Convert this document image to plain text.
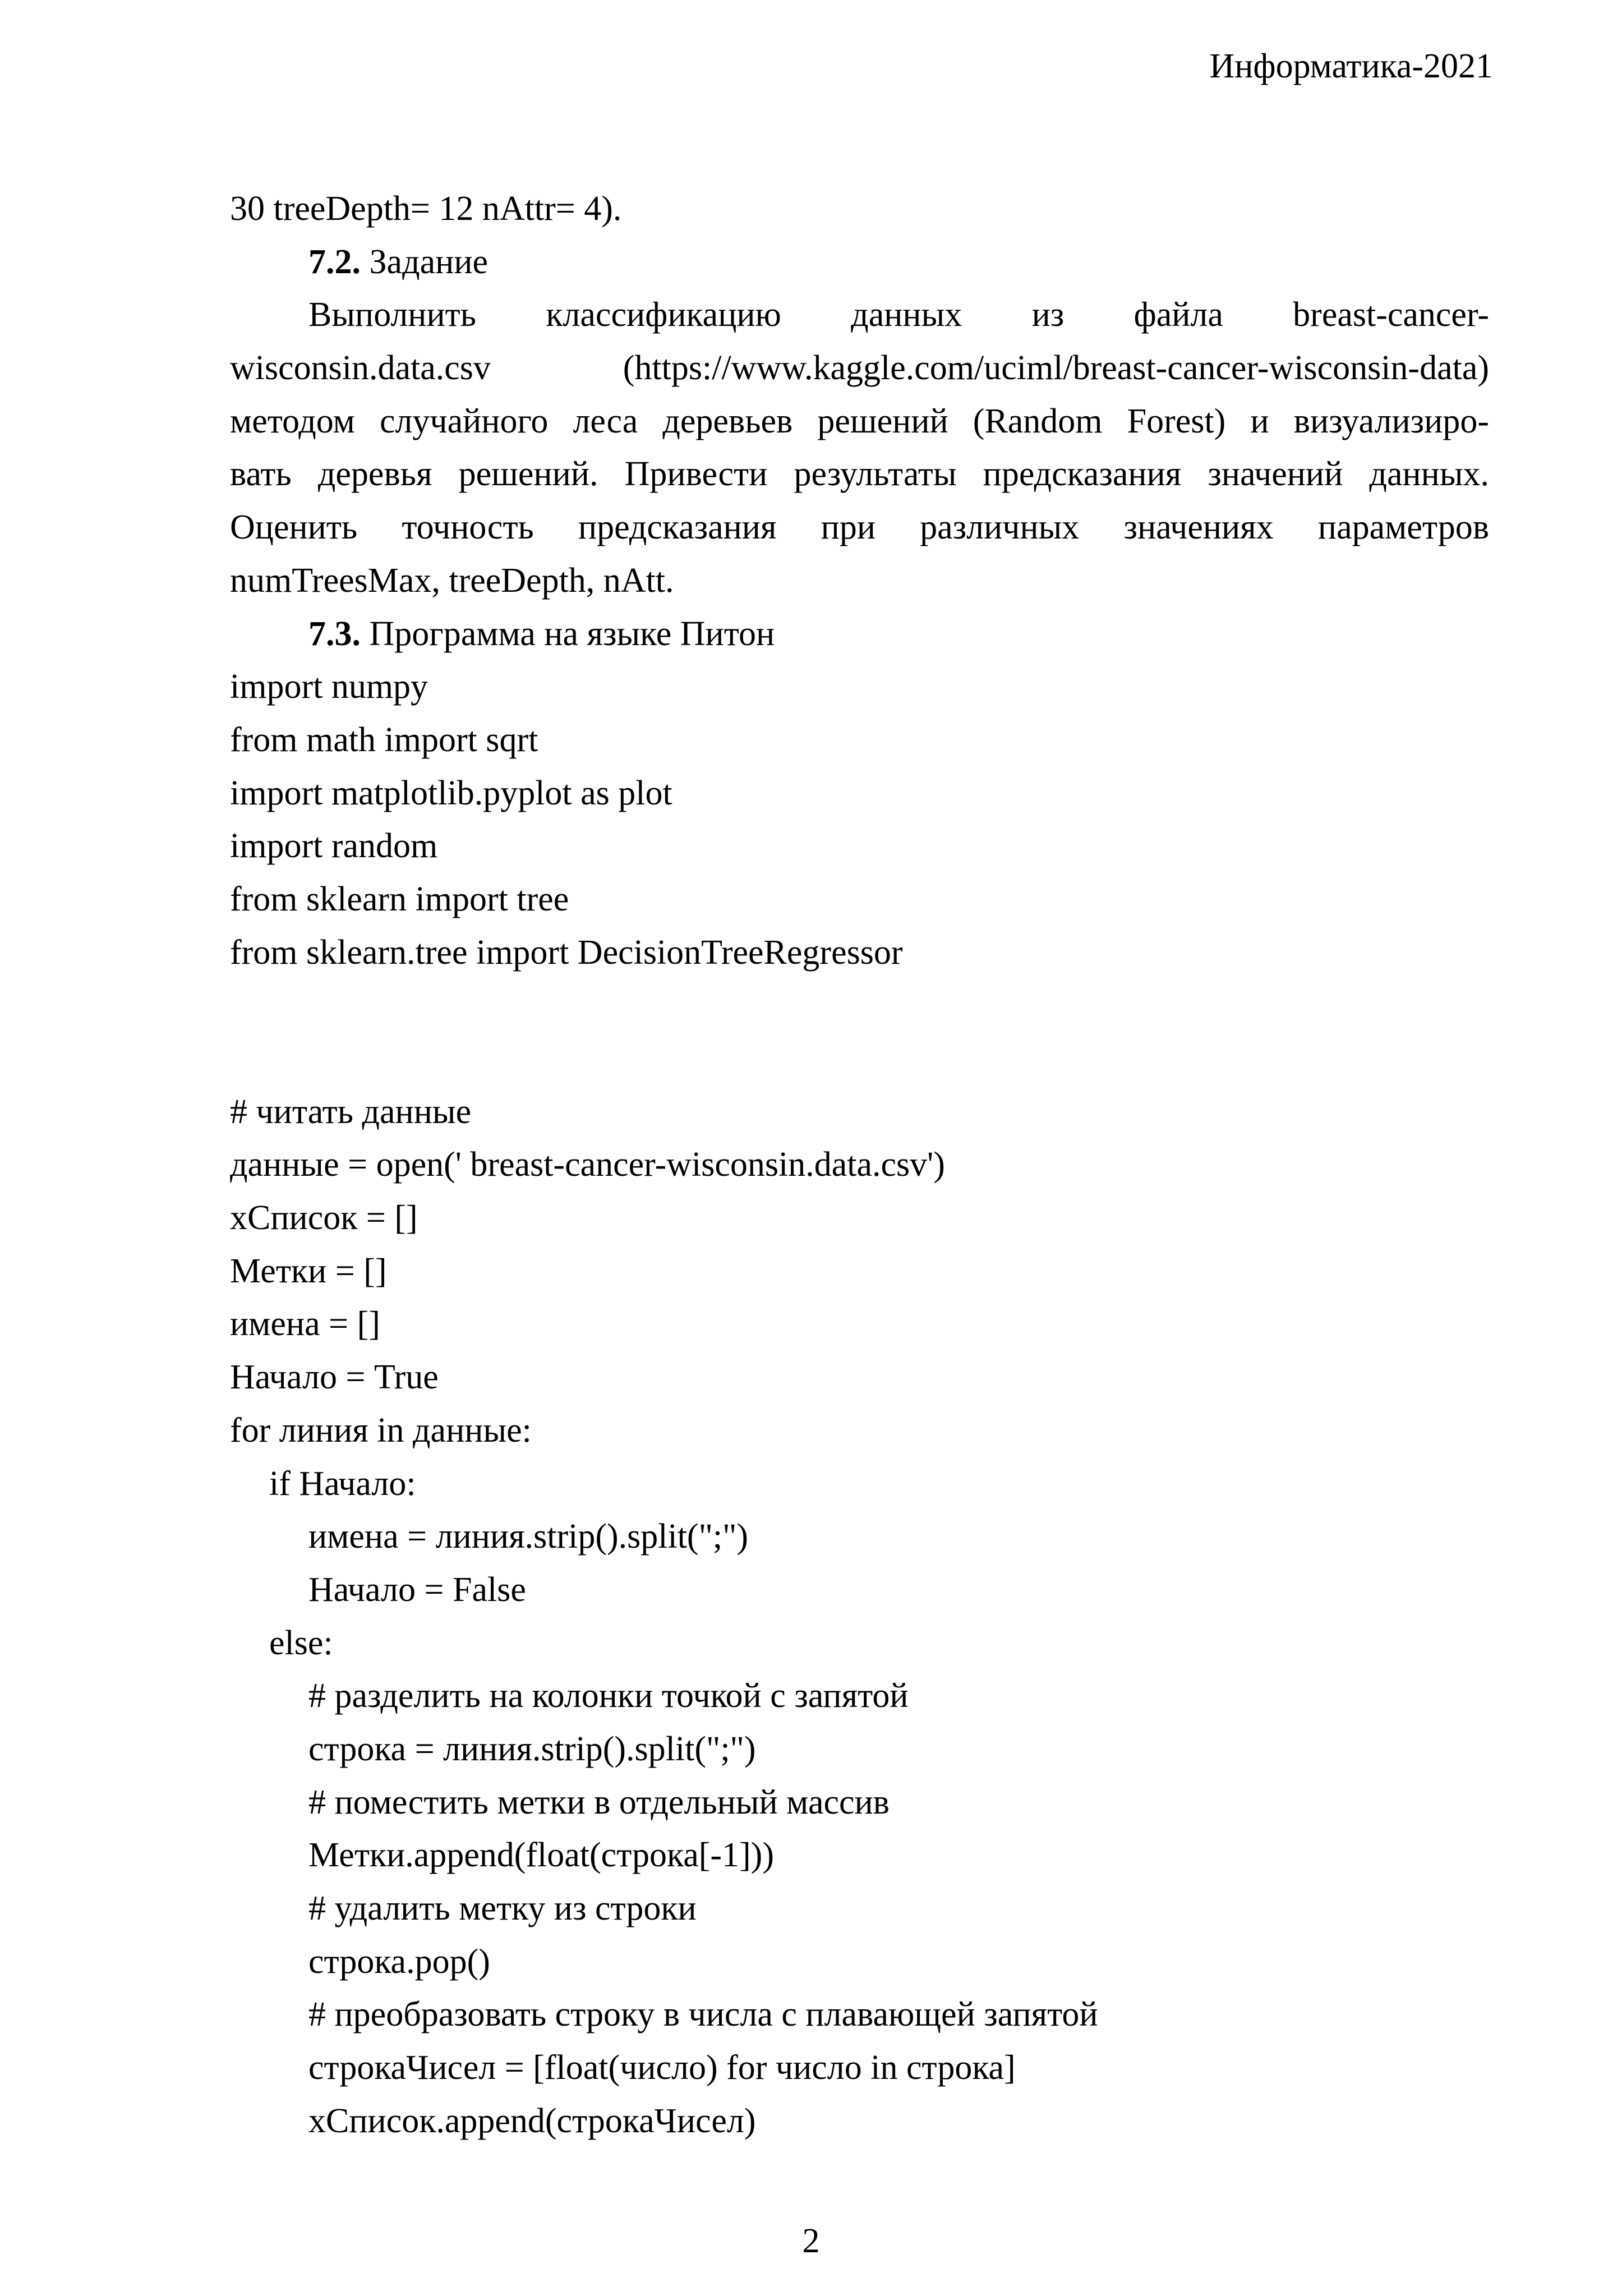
Информатика-2021
30 treeDepth= 12 nAttr= 4).
7.2. Задание
Выполнить классификацию данных из файла breast-cancer-
wisconsin.data.csv (https://www.kaggle.com/uciml/breast-cancer-wisconsin-data)
методом случайного леса деревьев решений (Random Forest) и визуализиро-
вать деревья решений. Привести результаты предсказания значений данных.
Оценить точность предсказания при различных значениях параметров
numTreesMax, treeDepth, nAtt.
7.3. Программа на языке Питон
import numpy
from math import sqrt
import matplotlib.pyplot as plot
import random
from sklearn import tree
from sklearn.tree import DecisionTreeRegressor
# читать данные
данные = open(' breast-cancer-wisconsin.data.csv')
xСписок = []
Метки = []
имена = []
Начало = True
for линия in данные:
if Начало:
имена = линия.strip().split(";")
Начало = False
else:
# разделить на колонки точкой с запятой
строка = линия.strip().split(";")
# поместить метки в отдельный массив
Метки.append(float(строка[-1]))
# удалить метку из строки
строка.pop()
# преобразовать строку в числа с плавающей запятой
строкаЧисел = [float(число) for число in строка]
xСписок.append(строкаЧисел)
2
